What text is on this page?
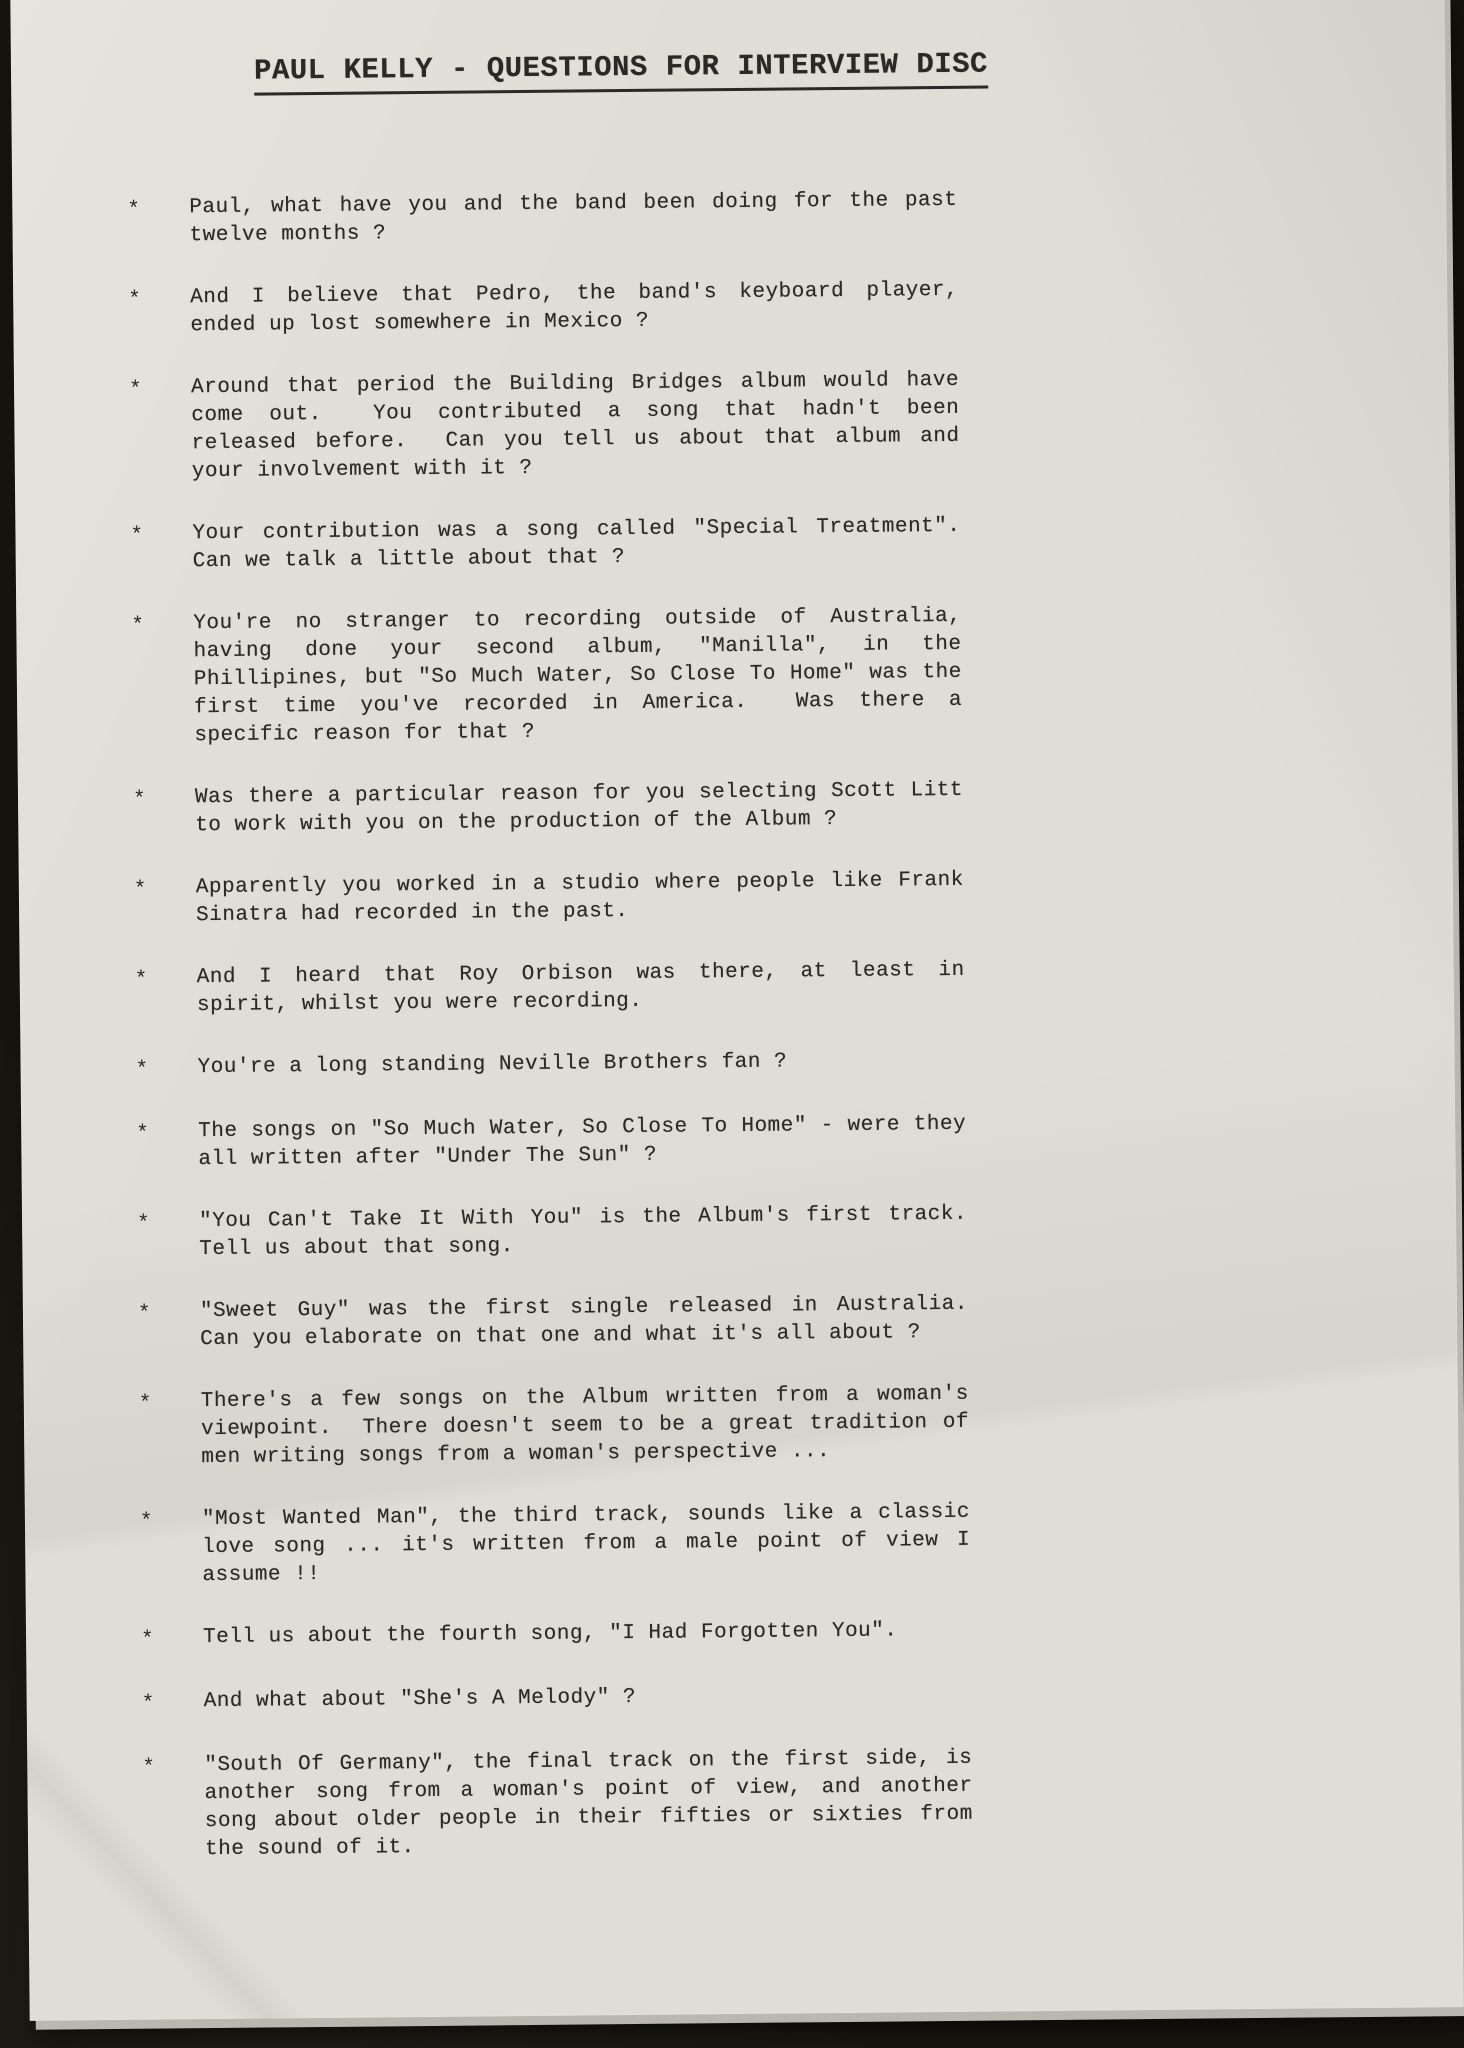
PAUL KELLY - QUESTIONS FOR INTERVIEW DISC
*	Paul, what have you and the band been doing for the past twelve months ?

*	And I believe that Pedro, the band's keyboard player, ended up lost somewhere in Mexico ?

*	Around that period the Building Bridges album would have come out.  You contributed a song that hadn't been released before.  Can you tell us about that album and your involvement with it ?

*	Your contribution was a song called "Special Treatment". Can we talk a little about that ?

*	You're no stranger to recording outside of Australia, having done your second album, "Manilla", in the Phillipines, but "So Much Water, So Close To Home" was the first time you've recorded in America.  Was there a specific reason for that ?

*	Was there a particular reason for you selecting Scott Litt to work with you on the production of the Album ?

*	Apparently you worked in a studio where people like Frank Sinatra had recorded in the past.

*	And I heard that Roy Orbison was there, at least in spirit, whilst you were recording.

*	You're a long standing Neville Brothers fan ?

*	The songs on "So Much Water, So Close To Home" - were they all written after "Under The Sun" ?

*	"You Can't Take It With You" is the Album's first track.  Tell us about that song.

*	"Sweet Guy" was the first single released in Australia. Can you elaborate on that one and what it's all about ?

*	There's a few songs on the Album written from a woman's viewpoint.  There doesn't seem to be a great tradition of men writing songs from a woman's perspective ...

*	"Most Wanted Man", the third track, sounds like a classic love song ... it's written from a male point of view I assume !!

*	Tell us about the fourth song, "I Had Forgotten You".

*	And what about "She's A Melody" ?

*	"South Of Germany", the final track on the first side, is another song from a woman's point of view, and another song about older people in their fifties or sixties from the sound of it.
